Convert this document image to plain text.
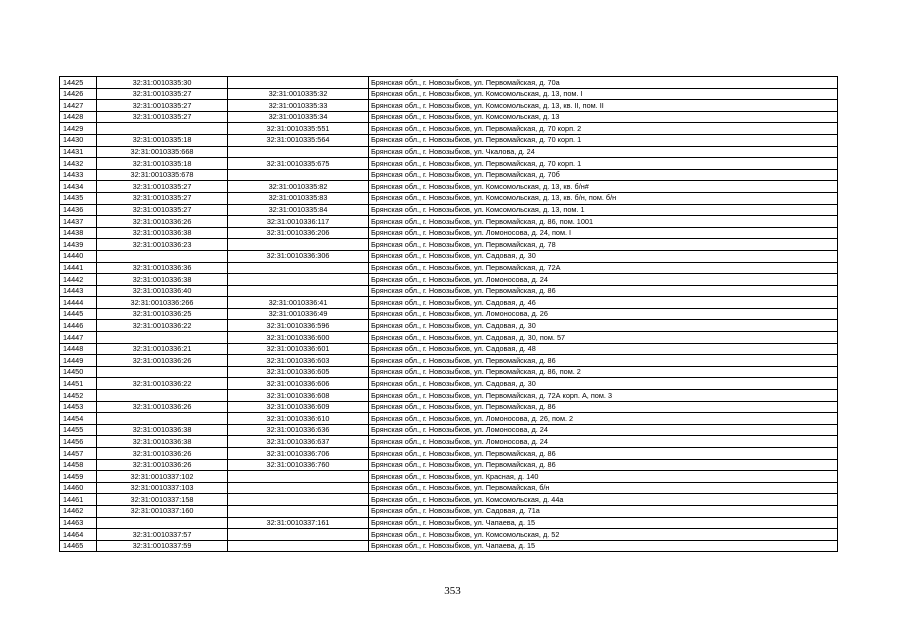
14425	32:31:0010335:30		Брянская обл., г. Новозыбков, ул. Первомайская, д. 70а
14426	32:31:0010335:27	32:31:0010335:32	Брянская обл., г. Новозыбков, ул. Комсомольская, д. 13, пом. I
14427	32:31:0010335:27	32:31:0010335:33	Брянская обл., г. Новозыбков, ул. Комсомольская, д. 13, кв. II, пом. II
14428	32:31:0010335:27	32:31:0010335:34	Брянская обл., г. Новозыбков, ул. Комсомольская, д. 13
14429		32:31:0010335:551	Брянская обл., г. Новозыбков, ул. Первомайская, д. 70 корп. 2
14430	32:31:0010335:18	32:31:0010335:564	Брянская обл., г. Новозыбков, ул. Первомайская, д. 70 корп. 1
14431	32:31:0010335:668		Брянская обл., г. Новозыбков, ул. Чкалова, д. 24
14432	32:31:0010335:18	32:31:0010335:675	Брянская обл., г. Новозыбков, ул. Первомайская, д. 70 корп. 1
14433	32:31:0010335:678		Брянская обл., г. Новозыбков, ул. Первомайская, д. 70б
14434	32:31:0010335:27	32:31:0010335:82	Брянская обл., г. Новозыбков, ул. Комсомольская, д. 13, кв. б/н#
14435	32:31:0010335:27	32:31:0010335:83	Брянская обл., г. Новозыбков, ул. Комсомольская, д. 13, кв. б/н, пом. б/н
14436	32:31:0010335:27	32:31:0010335:84	Брянская обл., г. Новозыбков, ул. Комсомольская, д. 13, пом. 1
14437	32:31:0010336:26	32:31:0010336:117	Брянская обл., г. Новозыбков, ул. Первомайская, д. 86, пом. 1001
14438	32:31:0010336:38	32:31:0010336:206	Брянская обл., г. Новозыбков, ул. Ломоносова, д. 24, пом. I
14439	32:31:0010336:23		Брянская обл., г. Новозыбков, ул. Первомайская, д. 78
14440		32:31:0010336:306	Брянская обл., г. Новозыбков, ул. Садовая, д. 30
14441	32:31:0010336:36		Брянская обл., г. Новозыбков, ул. Первомайская, д. 72А
14442	32:31:0010336:38		Брянская обл., г. Новозыбков, ул. Ломоносова, д. 24
14443	32:31:0010336:40		Брянская обл., г. Новозыбков, ул. Первомайская, д. 86
14444	32:31:0010336:266	32:31:0010336:41	Брянская обл., г. Новозыбков, ул. Садовая, д. 46
14445	32:31:0010336:25	32:31:0010336:49	Брянская обл., г. Новозыбков, ул. Ломоносова, д. 26
14446	32:31:0010336:22	32:31:0010336:596	Брянская обл., г. Новозыбков, ул. Садовая, д. 30
14447		32:31:0010336:600	Брянская обл., г. Новозыбков, ул. Садовая, д. 30, пом. 57
14448	32:31:0010336:21	32:31:0010336:601	Брянская обл., г. Новозыбков, ул. Садовая, д. 48
14449	32:31:0010336:26	32:31:0010336:603	Брянская обл., г. Новозыбков, ул. Первомайская, д. 86
14450		32:31:0010336:605	Брянская обл., г. Новозыбков, ул. Первомайская, д. 86, пом. 2
14451	32:31:0010336:22	32:31:0010336:606	Брянская обл., г. Новозыбков, ул. Садовая, д. 30
14452		32:31:0010336:608	Брянская обл., г. Новозыбков, ул. Первомайская, д. 72А корп. А, пом. 3
14453	32:31:0010336:26	32:31:0010336:609	Брянская обл., г. Новозыбков, ул. Первомайская, д. 86
14454		32:31:0010336:610	Брянская обл., г. Новозыбков, ул. Ломоносова, д. 26, пом. 2
14455	32:31:0010336:38	32:31:0010336:636	Брянская обл., г. Новозыбков, ул. Ломоносова, д. 24
14456	32:31:0010336:38	32:31:0010336:637	Брянская обл., г. Новозыбков, ул. Ломоносова, д. 24
14457	32:31:0010336:26	32:31:0010336:706	Брянская обл., г. Новозыбков, ул. Первомайская, д. 86
14458	32:31:0010336:26	32:31:0010336:760	Брянская обл., г. Новозыбков, ул. Первомайская, д. 86
14459	32:31:0010337:102		Брянская обл., г. Новозыбков, ул. Красная, д. 140
14460	32:31:0010337:103		Брянская обл., г. Новозыбков, ул. Первомайская, б/н
14461	32:31:0010337:158		Брянская обл., г. Новозыбков, ул. Комсомольская, д. 44а
14462	32:31:0010337:160		Брянская обл., г. Новозыбков, ул. Садовая, д. 71а
14463		32:31:0010337:161	Брянская обл., г. Новозыбков, ул. Чапаева, д. 15
14464	32:31:0010337:57		Брянская обл., г. Новозыбков, ул. Комсомольская, д. 52
14465	32:31:0010337:59		Брянская обл., г. Новозыбков, ул. Чапаева, д. 15
353
